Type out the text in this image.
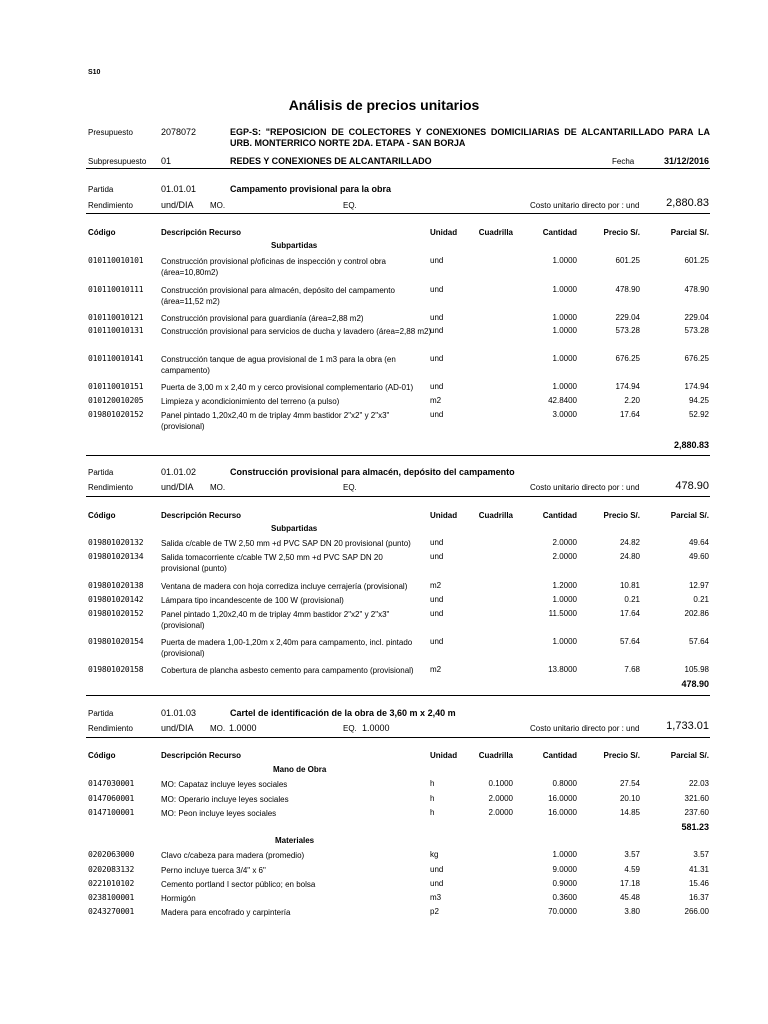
S10
Análisis de precios unitarios
Presupuesto	2078072	EGP-S: "REPOSICION DE COLECTORES Y CONEXIONES DOMICILIARIAS DE ALCANTARILLADO PARA LA URB. MONTERRICO NORTE 2DA. ETAPA - SAN BORJA
Subpresupuesto 01	REDES Y CONEXIONES DE ALCANTARILLADO	Fecha	31/12/2016
Partida	01.01.01	Campamento provisional para la obra
Rendimiento	und/DIA MO.	EQ.	Costo unitario directo por : und 2,880.83
Código	Descripción Recurso	Unidad	Cuadrilla	Cantidad	Precio S/.	Parcial S/.
Subpartidas
010110010101 Construcción provisional p/oficinas de inspección y control obra (área=10,80m2)
und	1.0000	601.25	601.25
010110010111 Construcción provisional para almacén, depósito del campamento (área=11,52 m2)
und	1.0000	478.90	478.90
010110010121 Construcción provisional para guardianía (área=2,88 m2)	und	1.0000	229.04	229.04
010110010131 Construcción provisional para servicios de ducha y lavadero (área=2,88 m2)
und	1.0000	573.28	573.28
010110010141 Construcción tanque de agua provisional de 1 m3 para la obra (en campamento)
und	1.0000	676.25	676.25
010110010151 Puerta de 3,00 m x 2,40 m y cerco provisional complementario (AD-01)	und	1.0000	174.94	174.94
010120010205 Limpieza y acondicionimiento del terreno (a pulso)	m2	42.8400	2.20	94.25
019801020152 Panel pintado 1,20x2,40 m de triplay 4mm bastidor 2"x2" y 2"x3" (provisional)
und	3.0000	17.64	52.92
2,880.83
Partida	01.01.02	Construcción provisional para almacén, depósito del campamento
Rendimiento	und/DIA MO.	EQ.	Costo unitario directo por : und	478.90
Código	Descripción Recurso	Unidad	Cuadrilla	Cantidad	Precio S/.	Parcial S/.
Subpartidas
019801020132 Salida c/cable de TW 2,50 mm +d PVC SAP DN 20 provisional (punto)	und	2.0000	24.82	49.64
019801020134 Salida tomacorriente c/cable TW 2,50 mm +d PVC SAP DN 20 provisional (punto)
und	2.0000	24.80	49.60
019801020138 Ventana de madera con hoja corrediza incluye cerrajería (provisional)	m2	1.2000	10.81	12.97
019801020142 Lámpara tipo incandescente de 100 W (provisional)	und	1.0000	0.21	0.21
019801020152 Panel pintado 1,20x2,40 m de triplay 4mm bastidor 2"x2" y 2"x3" (provisional)
und	11.5000	17.64	202.86
019801020154 Puerta de madera 1,00-1,20m x 2,40m para campamento, incl. pintado (provisional)
und	1.0000	57.64	57.64
019801020158 Cobertura de plancha asbesto cemento para campamento (provisional)	m2	13.8000	7.68	105.98
478.90
Partida	01.01.03	Cartel de identificación de la obra de 3,60 m x 2,40 m
Rendimiento	und/DIA MO. 1.0000	EQ. 1.0000	Costo unitario directo por : und 1,733.01
Código	Descripción Recurso	Unidad	Cuadrilla	Cantidad	Precio S/.	Parcial S/.
Mano de Obra
0147030001	MO: Capataz incluye leyes sociales	h	0.1000	0.8000	27.54	22.03
0147060001	MO: Operario incluye leyes sociales	h	2.0000	16.0000	20.10	321.60
0147100001	MO: Peon incluye leyes sociales	h	2.0000	16.0000	14.85	237.60
581.23
Materiales
0202063000	Clavo c/cabeza para madera (promedio)	kg	1.0000	3.57	3.57
0202083132	Perno incluye tuerca 3/4" x 6"	und	9.0000	4.59	41.31
0221010102	Cemento portland I sector público; en bolsa	und	0.9000	17.18	15.46
0238100001	Hormigón	m3	0.3600	45.48	16.37
0243270001	Madera para encofrado y carpintería	p2	70.0000	3.80	266.00
